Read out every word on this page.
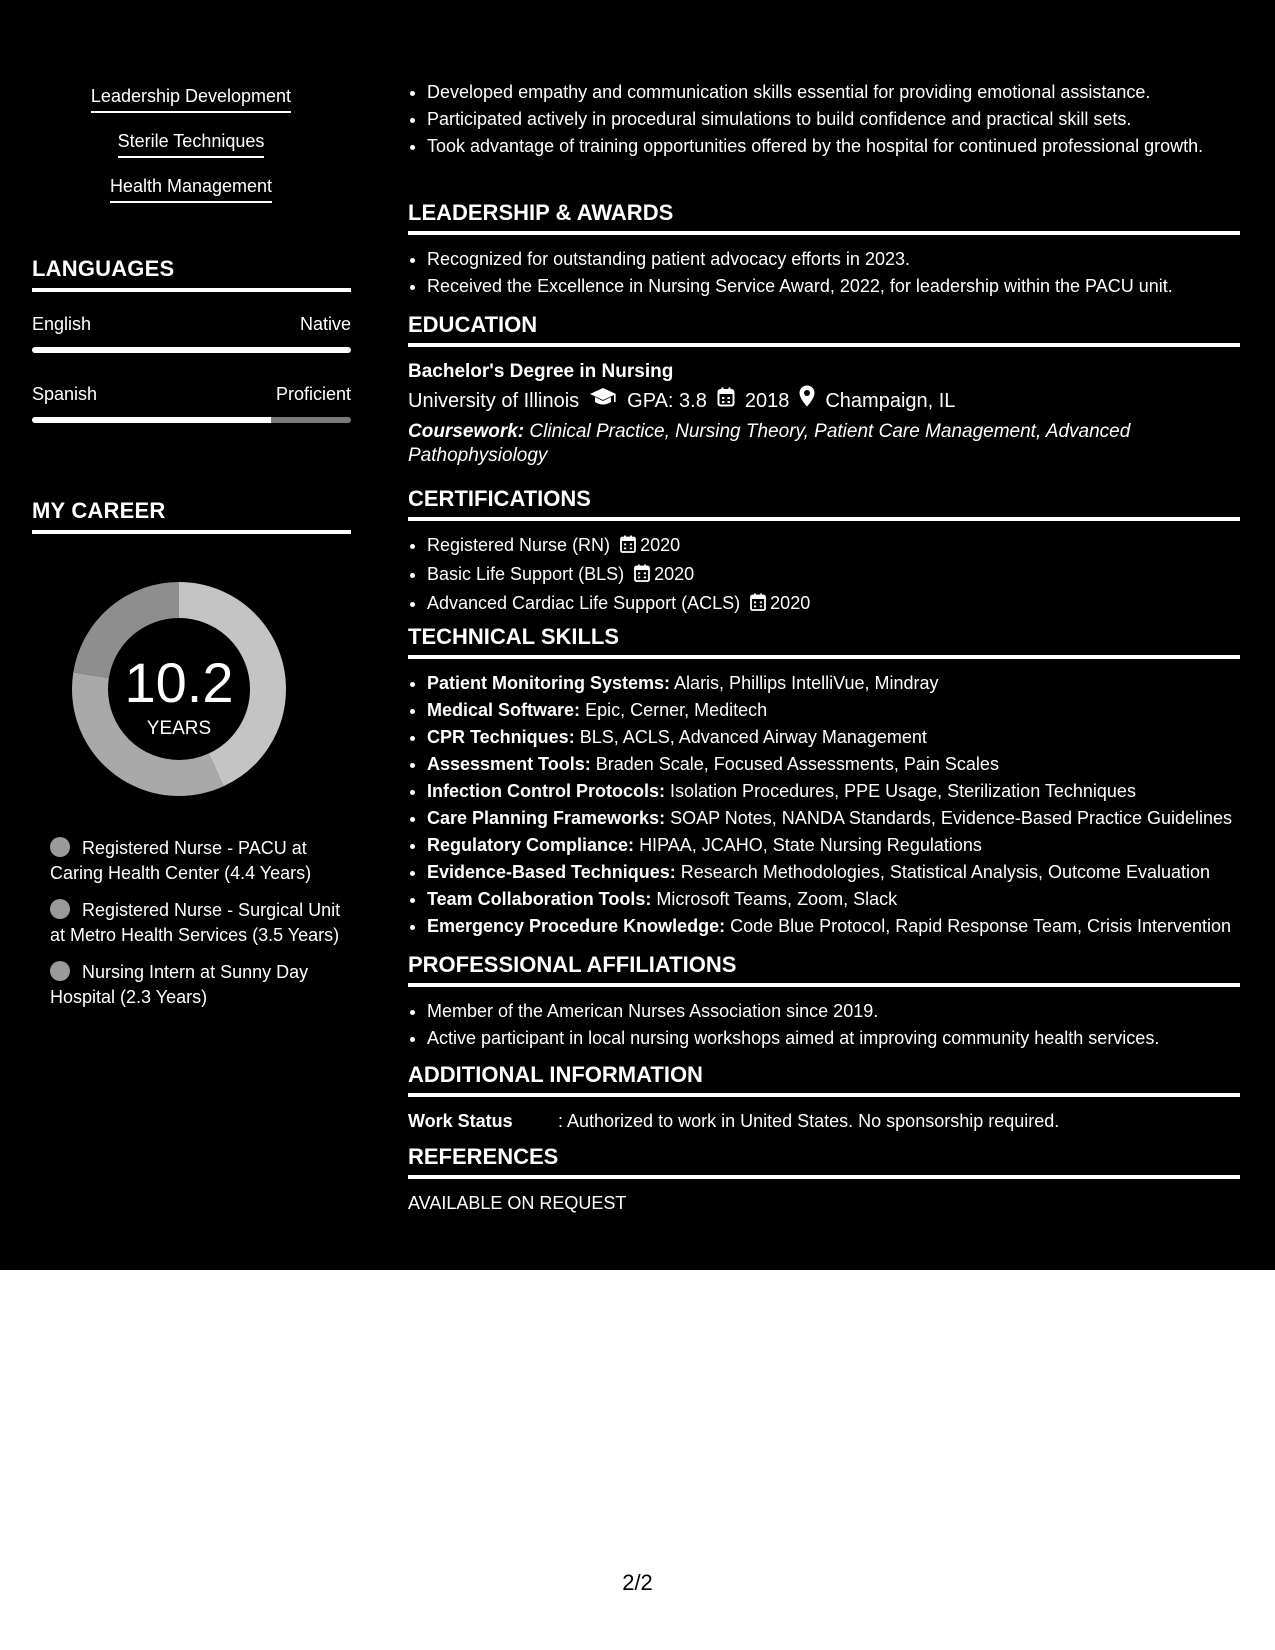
Leadership Development
Sterile Techniques
Health Management
LANGUAGES
English	Native
Spanish	Proficient
MY CAREER
10.2
YEARS
Registered Nurse - PACU at Caring Health Center (4.4 Years)
Registered Nurse - Surgical Unit at Metro Health Services (3.5 Years)
Nursing Intern at Sunny Day Hospital (2.3 Years)
• Developed empathy and communication skills essential for providing emotional assistance.
• Participated actively in procedural simulations to build confidence and practical skill sets.
• Took advantage of training opportunities offered by the hospital for continued professional growth.
LEADERSHIP & AWARDS
• Recognized for outstanding patient advocacy efforts in 2023.
• Received the Excellence in Nursing Service Award, 2022, for leadership within the PACU unit.
EDUCATION
Bachelor's Degree in Nursing
University of Illinois GPA: 3.8 2018 Champaign, IL
Coursework: Clinical Practice, Nursing Theory, Patient Care Management, Advanced Pathophysiology
CERTIFICATIONS
• Registered Nurse (RN) 2020
• Basic Life Support (BLS) 2020
• Advanced Cardiac Life Support (ACLS) 2020
TECHNICAL SKILLS
• Patient Monitoring Systems: Alaris, Phillips IntelliVue, Mindray
• Medical Software: Epic, Cerner, Meditech
• CPR Techniques: BLS, ACLS, Advanced Airway Management
• Assessment Tools: Braden Scale, Focused Assessments, Pain Scales
• Infection Control Protocols: Isolation Procedures, PPE Usage, Sterilization Techniques
• Care Planning Frameworks: SOAP Notes, NANDA Standards, Evidence-Based Practice Guidelines
• Regulatory Compliance: HIPAA, JCAHO, State Nursing Regulations
• Evidence-Based Techniques: Research Methodologies, Statistical Analysis, Outcome Evaluation
• Team Collaboration Tools: Microsoft Teams, Zoom, Slack
• Emergency Procedure Knowledge: Code Blue Protocol, Rapid Response Team, Crisis Intervention
PROFESSIONAL AFFILIATIONS
• Member of the American Nurses Association since 2019.
• Active participant in local nursing workshops aimed at improving community health services.
ADDITIONAL INFORMATION
Work Status	: Authorized to work in United States. No sponsorship required.
REFERENCES
AVAILABLE ON REQUEST
2/2
